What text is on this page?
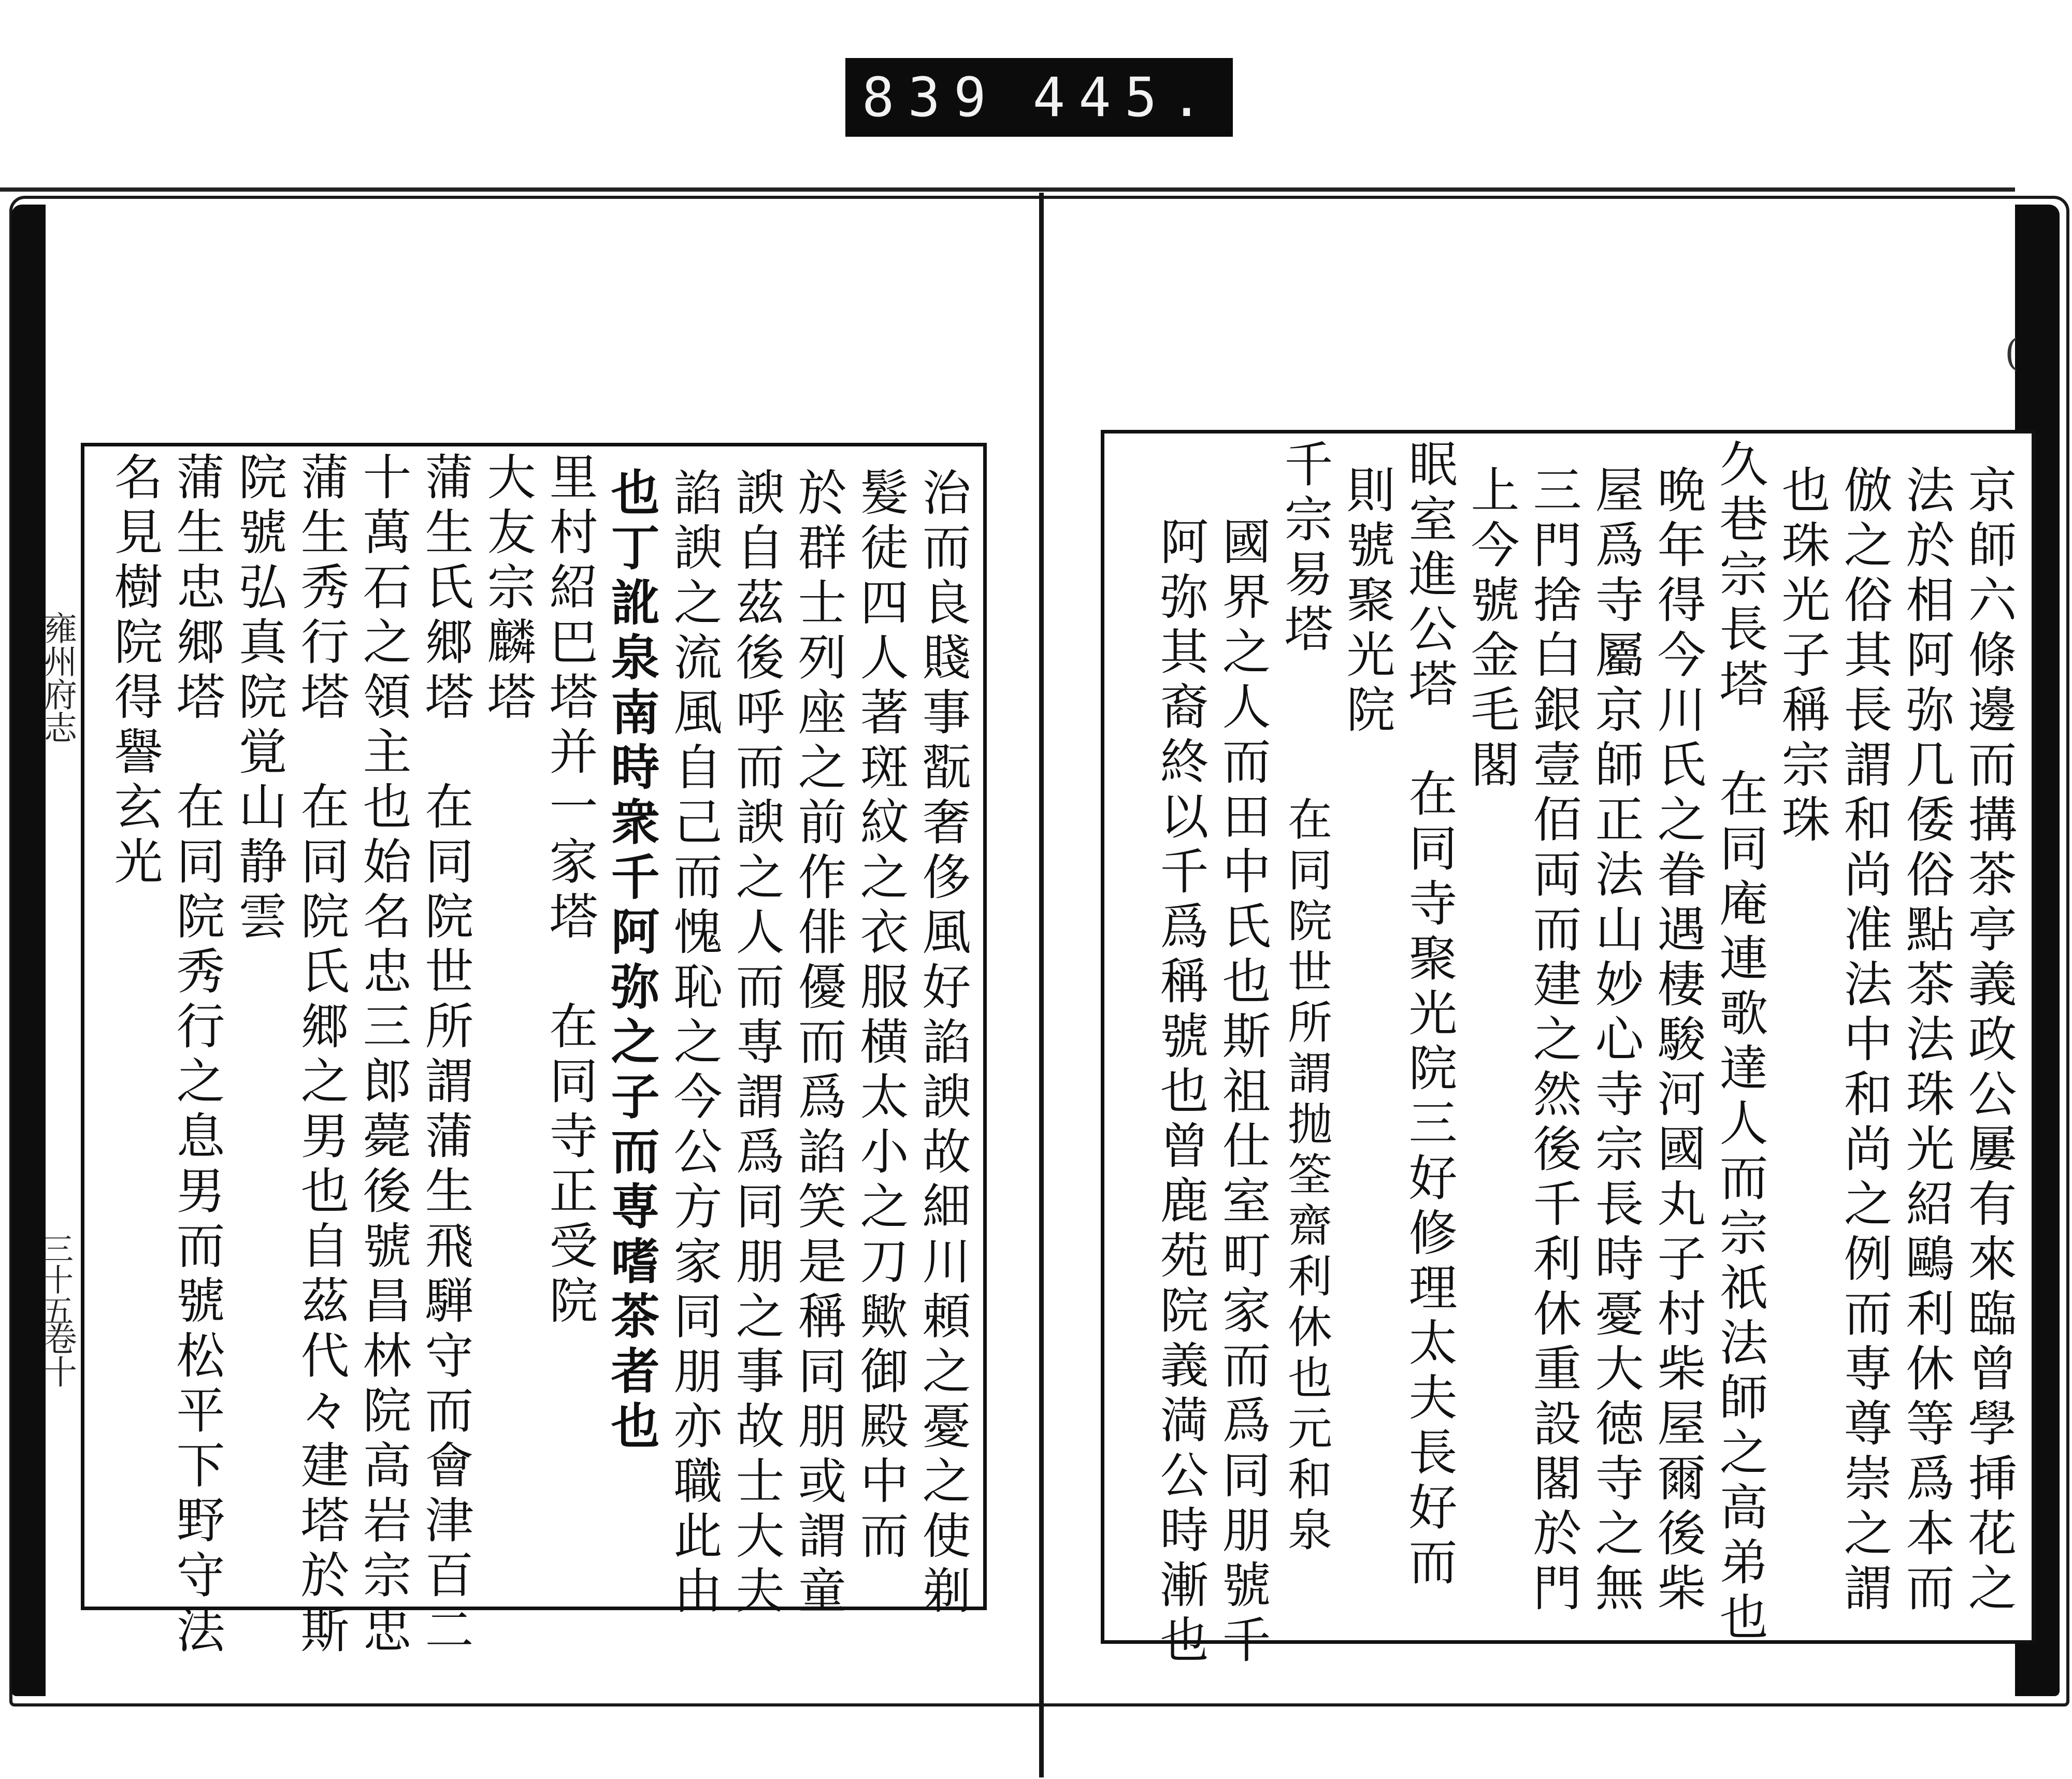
839 445.
雍州府志
卷十
三十五	治而良賤事翫奢侈風好諂諛故細川頼之憂之使剃
髮徒四人著斑紋之衣服横太小之刀歟御殿中而
於群士列座之前作俳優而爲諂笑是稱同朋或謂童
諛自茲後呼而諛之人而専謂爲同朋之事故士大夫
諂諛之流風自己而愧恥之今公方家同朋亦職此由
也丁訛泉南時衆千阿弥之子而専嗜茶者也
里村紹巴塔并一家塔　在同寺正受院
大友宗麟塔
蒲生氏郷塔　在同院世所謂蒲生飛騨守而會津百二
十萬石之領主也始名忠三郎薨後號昌林院高岩宗忠
蒲生秀行塔　在同院氏郷之男也自茲代々建塔於斯
院號弘真院覚山静雲
蒲生忠郷塔　在同院秀行之息男而號松平下野守法
名見樹院得譽玄光	京師六條邊而搆茶亭義政公屢有來臨曾學挿花之
法於相阿弥几倭俗點茶法珠光紹鷗利休等爲本而
倣之俗其長謂和尚准法中和尚之例而専尊崇之謂
也珠光子稱宗珠
久巷宗長塔　在同庵連歌達人而宗祇法師之高弟也
晩年得今川氏之眷遇棲駿河國丸子村柴屋爾後柴
屋爲寺屬京師正法山妙心寺宗長時憂大徳寺之無
三門捨白銀壹佰両而建之然後千利休重設閣於門
上今號金毛閣
眠室進公塔　在同寺聚光院三好修理太夫長好而
則號聚光院
千宗易塔
國界之人而田中氏也斯祖仕室町家而爲同朋號千
阿弥其裔終以千爲稱號也曾鹿苑院義満公時漸也 在同院世所謂抛筌齋利休也元和泉
(
